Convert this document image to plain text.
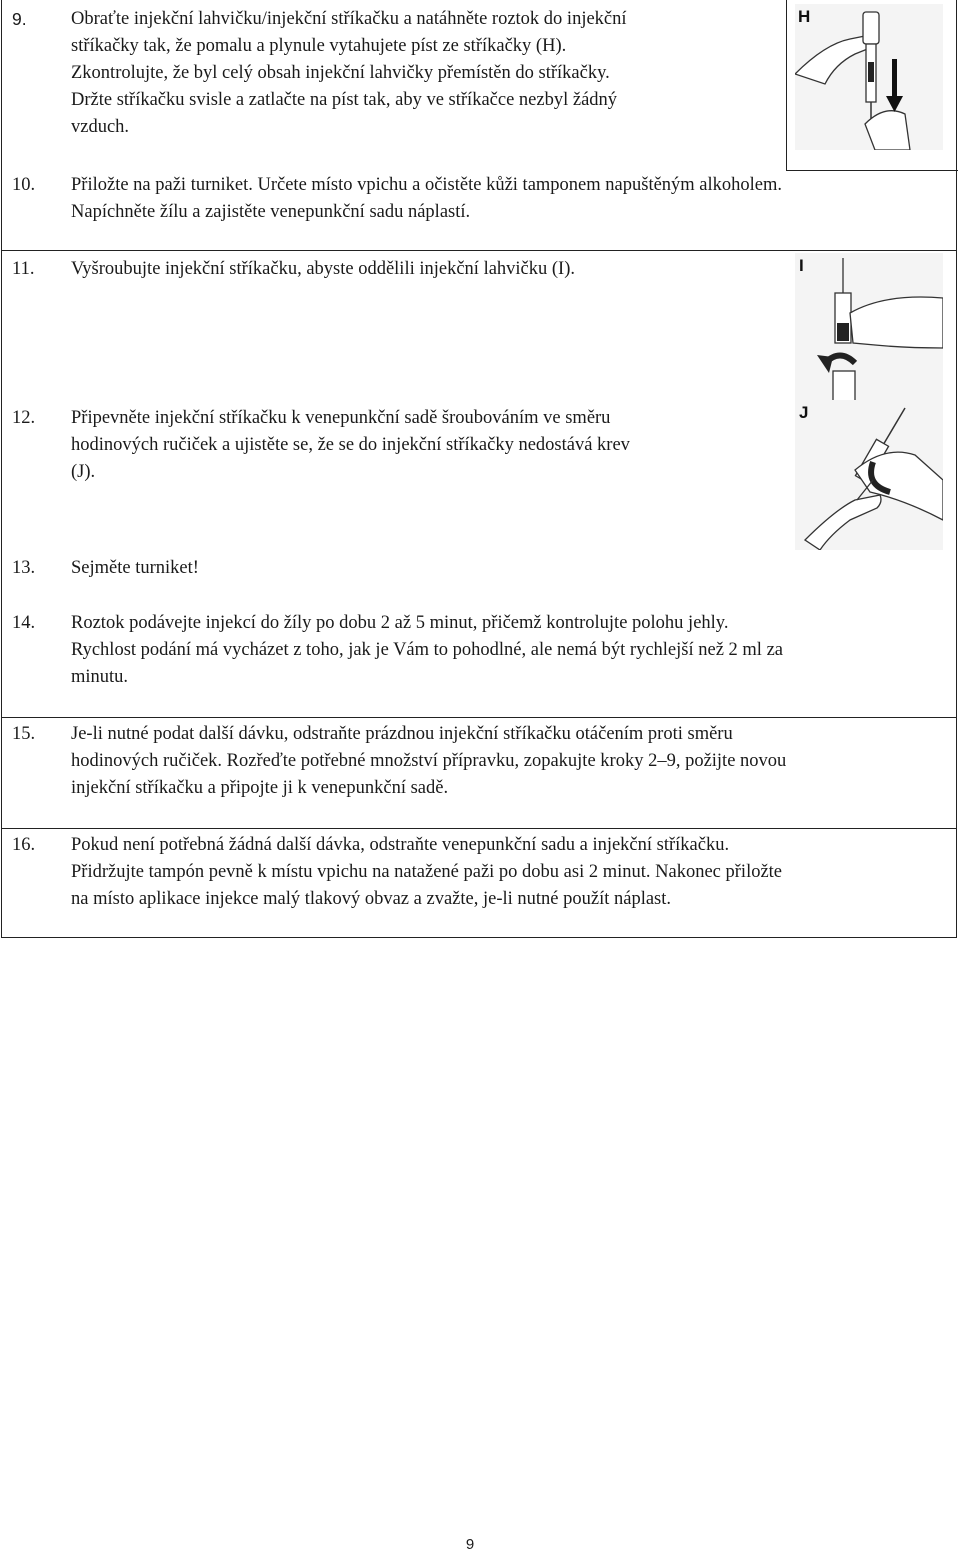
9. Obraťte injekční lahvičku/injekční stříkačku a natáhněte roztok do injekční
stříkačky tak, že pomalu a plynule vytahujete píst ze stříkačky (H).
Zkontrolujte, že byl celý obsah injekční lahvičky přemístěn do stříkačky.
Držte stříkačku svisle a zatlačte na píst tak, aby ve stříkačce nezbyl žádný
vzduch.
10. Přiložte na paži turniket. Určete místo vpichu a očistěte kůži tamponem napuštěným alkoholem.
Napíchněte žílu a zajistěte venepunkční sadu náplastí.
11. Vyšroubujte injekční stříkačku, abyste oddělili injekční lahvičku (I).
12. Připevněte injekční stříkačku k venepunkční sadě šroubováním ve směru
hodinových ručiček a ujistěte se, že se do injekční stříkačky nedostává krev
(J).
13. Sejměte turniket!
14. Roztok podávejte injekcí do žíly po dobu 2 až 5 minut, přičemž kontrolujte polohu jehly.
Rychlost podání má vycházet z toho, jak je Vám to pohodlné, ale nemá být rychlejší než 2 ml za
minutu.
15. Je-li nutné podat další dávku, odstraňte prázdnou injekční stříkačku otáčením proti směru
hodinových ručiček. Rozřeďte potřebné množství přípravku, zopakujte kroky 2–9, požijte novou
injekční stříkačku a připojte ji k venepunkční sadě.
16. Pokud není potřebná žádná další dávka, odstraňte venepunkční sadu a injekční stříkačku.
Přidržujte tampón pevně k místu vpichu na natažené paži po dobu asi 2 minut. Nakonec přiložte
na místo aplikace injekce malý tlakový obvaz a zvažte, je-li nutné použít náplast.
H
I
J
9
